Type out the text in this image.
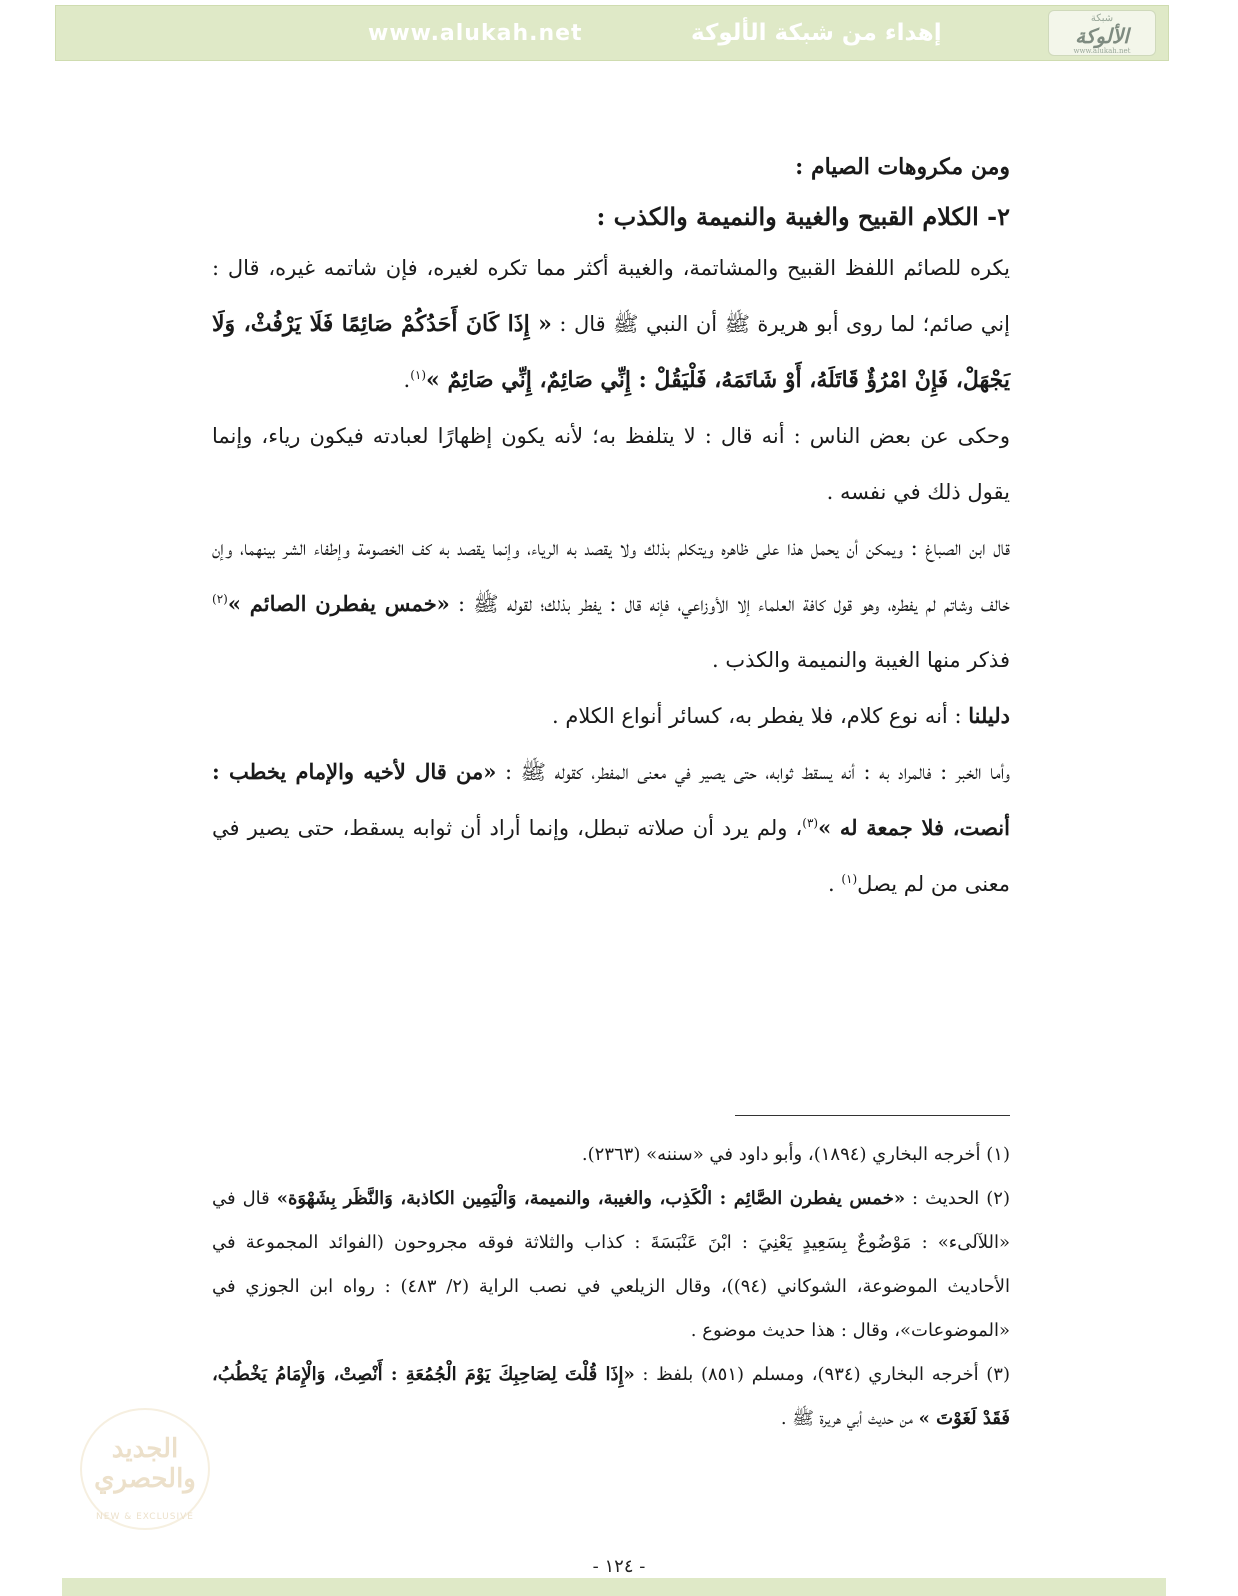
شبكة
الألوكة
www.alukah.net
إهداء من شبكة الألوكة
www.alukah.net

ومن مكروهات الصيام :

٢- الكلام القبيح والغيبة والنميمة والكذب :

يكره للصائم اللفظ القبيح والمشاتمة، والغيبة أكثر مما تكره لغيره، فإن شاتمه غيره، قال : إني صائم؛ لما روى أبو هريرة ﷺ أن النبي ﷺ قال : « إِذَا كَانَ أَحَدُكُمْ صَائِمًا فَلَا يَرْفُثْ، وَلَا يَجْهَلْ، فَإِنْ امْرُؤٌ قَاتَلَهُ، أَوْ شَاتَمَهُ، فَلْيَقُلْ : إِنِّي صَائِمٌ، إِنِّي صَائِمٌ »$^{(١)}$.

وحكى عن بعض الناس : أنه قال : لا يتلفظ به؛ لأنه يكون إظهارًا لعبادته فيكون رياء، وإنما يقول ذلك في نفسه .

قال ابن الصباغ : ويمكن أن يحمل هذا على ظاهره ويتكلم بذلك ولا يقصد به الرياء، وإنما يقصد به كف الخصومة وإطفاء الشر بينهما، وإن خالف وشاتم لم يفطره، وهو قول كافة العلماء إلا الأوزاعي، فإنه قال : يفطر بذلك؛ لقوله ﷺ : «خمس يفطرن الصائم »$^{(٢)}$ فذكر منها الغيبة والنميمة والكذب .

دليلنا : أنه نوع كلام، فلا يفطر به، كسائر أنواع الكلام .

وأما الخبر : فالمراد به : أنه يسقط ثوابه، حتى يصير في معنى المفطر، كقوله ﷺ : «من قال لأخيه والإمام يخطب : أنصت، فلا جمعة له »$^{(٣)}$، ولم يرد أن صلاته تبطل، وإنما أراد أن ثوابه يسقط، حتى يصير في معنى من لم يصل$^{(١)}$ .

(١) أخرجه البخاري (١٨٩٤)، وأبو داود في «سننه» (٢٣٦٣).

(٢) الحديث : «خمس يفطرن الصَّائِم : الْكَذِب، والغيبة، والنميمة، وَالْيَمِين الكاذبة، وَالنَّظَر بِشَهْوَة» قال في «اللآلىء» : مَوْضُوعٌ بِسَعِيدٍ يَعْنِيَ : ابْنَ عَنْبَسَةَ : كذاب والثلاثة فوقه مجروحون (الفوائد المجموعة في الأحاديث الموضوعة، الشوكاني (٩٤))، وقال الزيلعي في نصب الراية (٢/ ٤٨٣) : رواه ابن الجوزي في «الموضوعات»، وقال : هذا حديث موضوع .

(٣) أخرجه البخاري (٩٣٤)، ومسلم (٨٥١) بلفظ : «إِذَا قُلْتَ لِصَاحِبِكَ يَوْمَ الْجُمُعَةِ : أَنْصِتْ، وَالْإِمَامُ يَخْطُبُ، فَقَدْ لَغَوْتَ » من حديث أبي هريرة ﷺ .

الجديد والحصري
NEW & EXCLUSIVE
- ١٢٤ -
